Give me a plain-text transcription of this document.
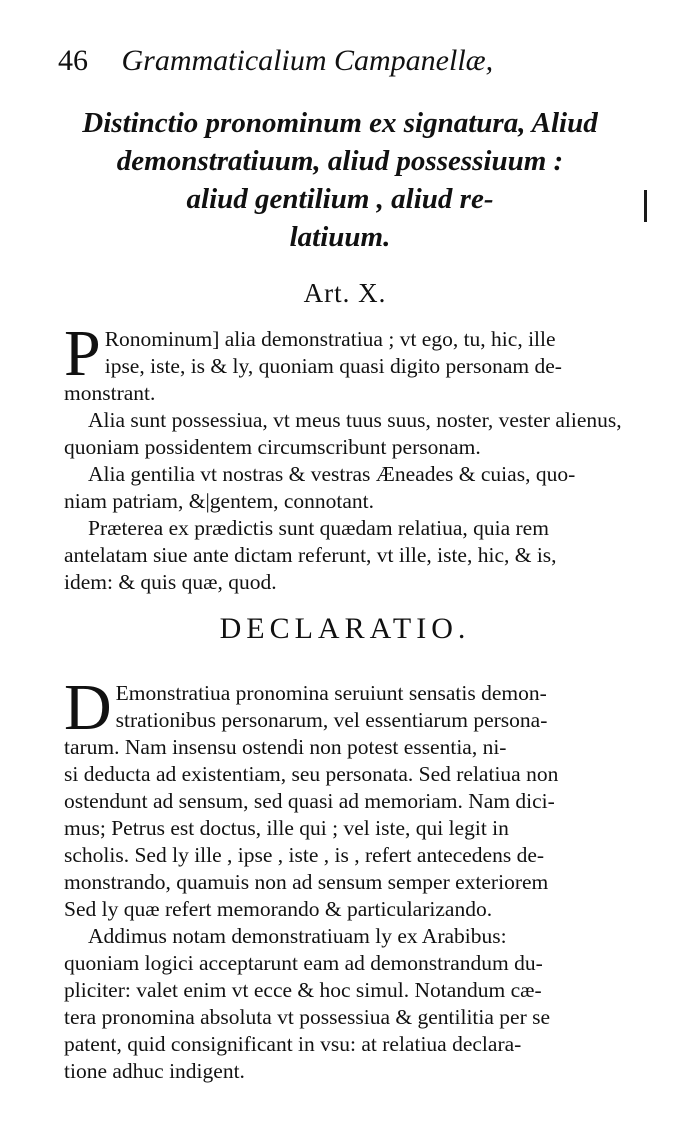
46 Grammaticalium Campanellæ,
Distinctio pronominum ex signatura, Aliud
demonstratiuum, aliud possessiuum :
aliud gentilium , aliud re-
latiuum.
Art. X.
P Ronominum] alia demonstratiua ; vt ego, tu, hic, ille
ipse, iste, is & ly, quoniam quasi digito personam de-
monstrant.
Alia sunt possessiua, vt meus tuus suus, noster, vester alienus,
quoniam possidentem circumscribunt personam.
Alia gentilia vt nostras & vestras Æneades & cuias, quo-
niam patriam, &|gentem, connotant.
Præterea ex prædictis sunt quædam relatiua, quia rem
antelatam siue ante dictam referunt, vt ille, iste, hic, & is,
idem: & quis quæ, quod.
DECLARATIO.
D Emonstratiua pronomina seruiunt sensatis demon-
strationibus personarum, vel essentiarum persona-
tarum. Nam insensu ostendi non potest essentia, ni-
si deducta ad existentiam, seu personata. Sed relatiua non
ostendunt ad sensum, sed quasi ad memoriam. Nam dici-
mus; Petrus est doctus, ille qui ; vel iste, qui legit in
scholis. Sed ly ille , ipse , iste , is , refert antecedens de-
monstrando, quamuis non ad sensum semper exteriorem
Sed ly quæ refert memorando & particularizando.
Addimus notam demonstratiuam ly ex Arabibus:
quoniam logici acceptarunt eam ad demonstrandum du-
pliciter: valet enim vt ecce & hoc simul. Notandum cæ-
tera pronomina absoluta vt possessiua & gentilitia per se
patent, quid consignificant in vsu: at relatiua declara-
tione adhuc indigent.
